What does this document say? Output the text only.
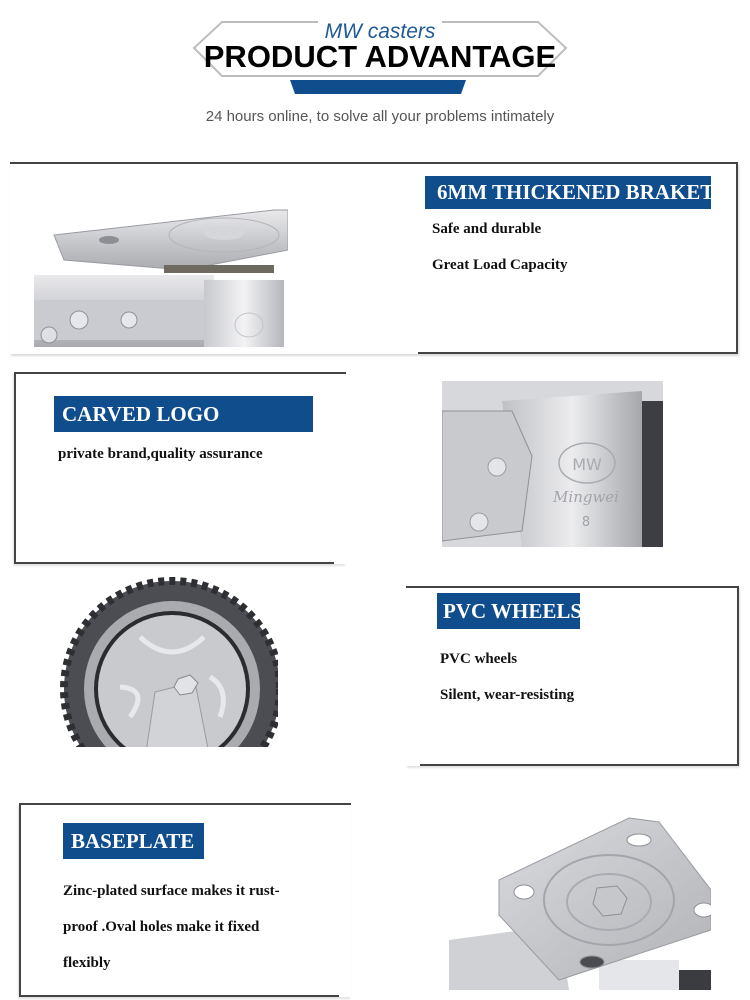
MW casters
PRODUCT ADVANTAGE
24 hours online, to solve all your problems intimately
6MM THICKENED BRAKET
Safe and durable
Great Load Capacity
CARVED LOGO
private brand,quality assurance
MW
Mingwei
8
PVC WHEELS
PVC wheels
Silent, wear-resisting
BASEPLATE
Zinc-plated surface makes it rust-
proof .Oval holes make it fixed
flexibly
